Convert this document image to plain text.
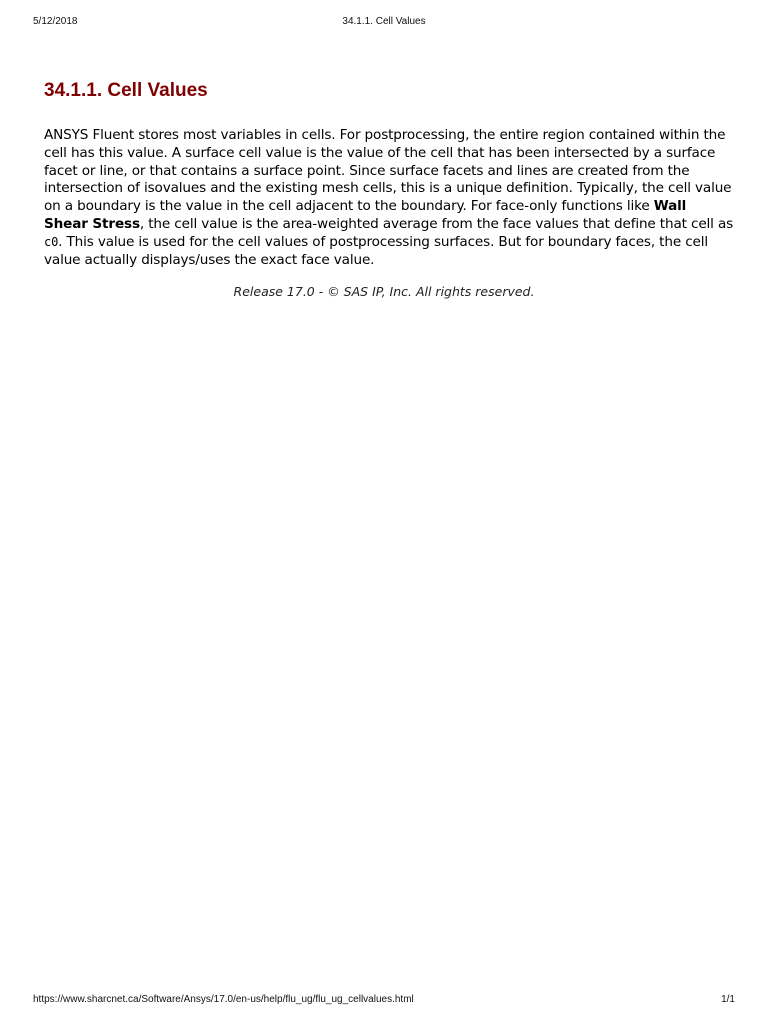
5/12/2018	34.1.1. Cell Values
34.1.1. Cell Values

ANSYS Fluent stores most variables in cells. For postprocessing, the entire region contained within the cell has this value. A surface cell value is the value of the cell that has been intersected by a surface facet or line, or that contains a surface point. Since surface facets and lines are created from the intersection of isovalues and the existing mesh cells, this is a unique definition. Typically, the cell value on a boundary is the value in the cell adjacent to the boundary. For face-only functions like Wall Shear Stress, the cell value is the area-weighted average from the face values that define that cell as c0. This value is used for the cell values of postprocessing surfaces. But for boundary faces, the cell value actually displays/uses the exact face value.

Release 17.0 - © SAS IP, Inc. All rights reserved.
https://www.sharcnet.ca/Software/Ansys/17.0/en-us/help/flu_ug/flu_ug_cellvalues.html	1/1
